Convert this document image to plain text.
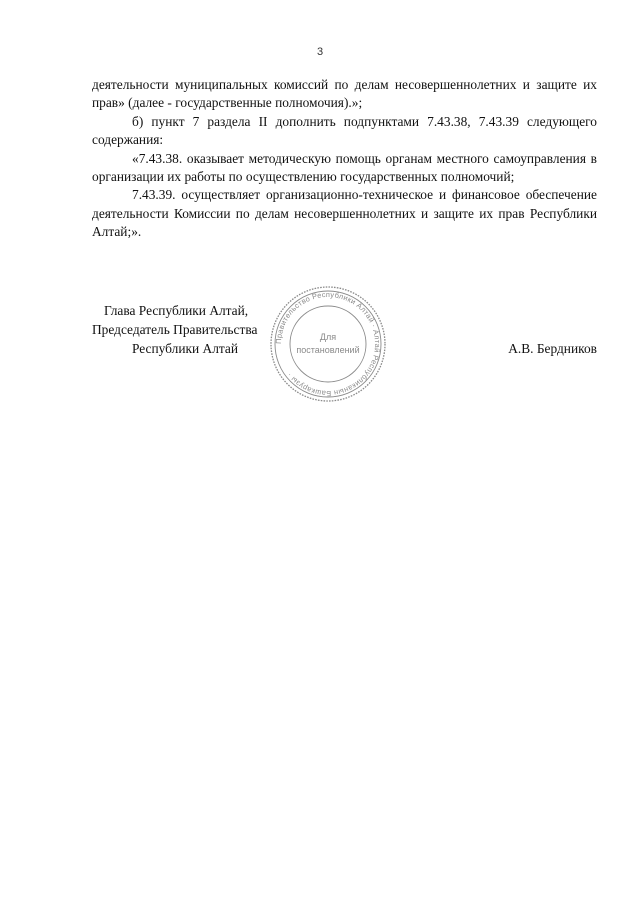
3

деятельности муниципальных комиссий по делам несовершеннолетних и защите их прав» (далее - государственные полномочия).»;

б) пункт 7 раздела II дополнить подпунктами 7.43.38, 7.43.39 следующего содержания:

«7.43.38. оказывает методическую помощь органам местного самоуправления в организации их работы по осуществлению государственных полномочий;

7.43.39. осуществляет организационно-техническое и финансовое обеспечение деятельности Комиссии по делам несовершеннолетних и защите их прав Республики Алтай;».

Глава Республики Алтай,
Председатель Правительства
Республики Алтай	А.В. Бердников
Правительство Республики Алтай · Алтай Республиканын Башкарузы ·
Для
постановлений
